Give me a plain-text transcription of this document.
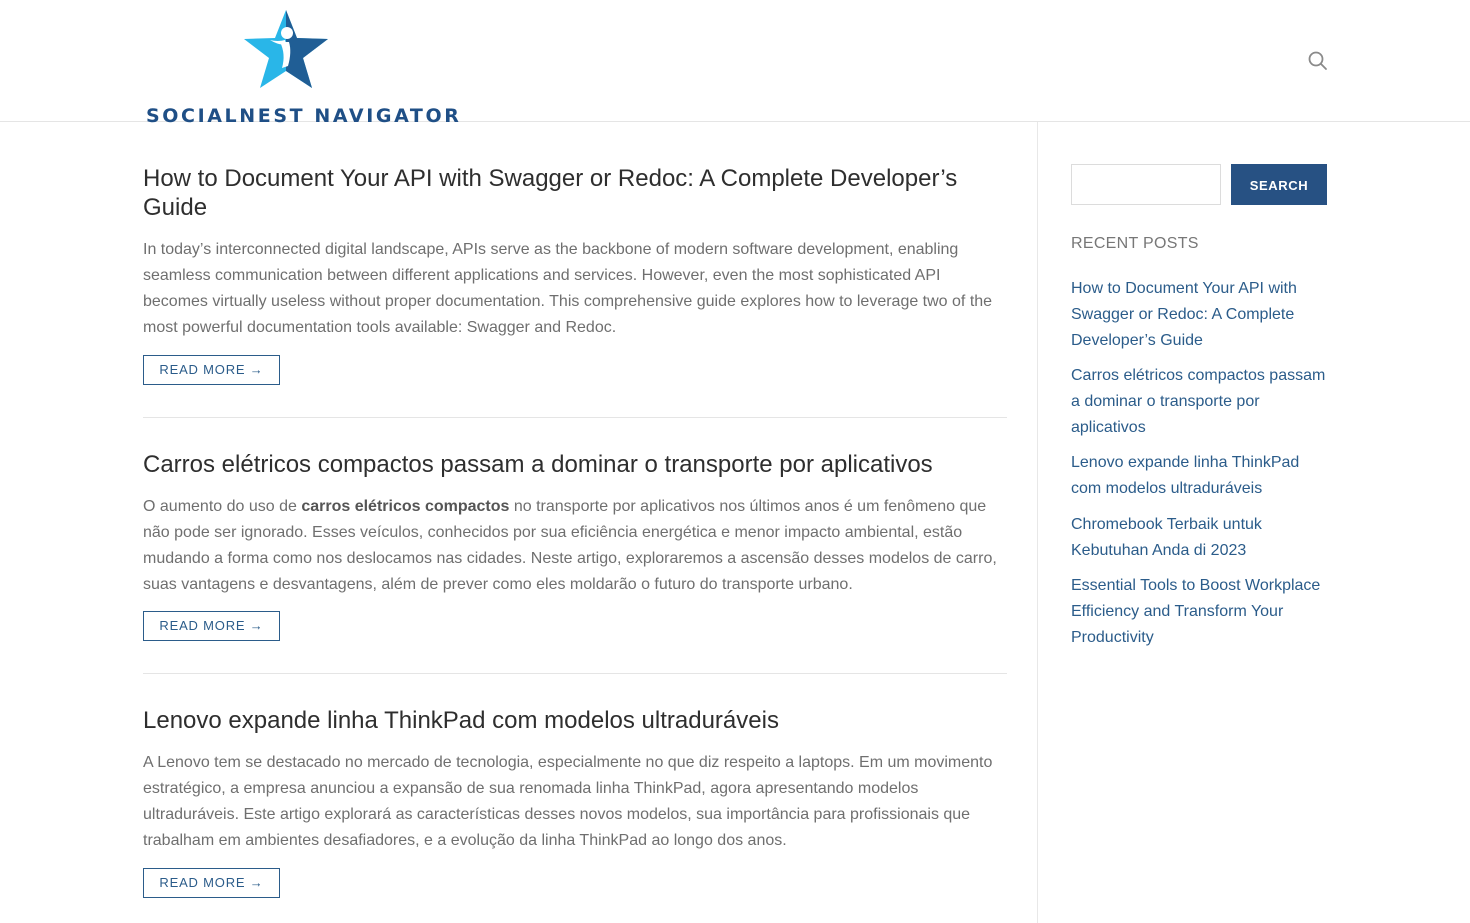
SOCIALNEST NAVIGATOR
How to Document Your API with Swagger or Redoc: A Complete Developer’s Guide

In today’s interconnected digital landscape, APIs serve as the backbone of modern software development, enabling seamless communication between different applications and services. However, even the most sophisticated API becomes virtually useless without proper documentation. This comprehensive guide explores how to leverage two of the most powerful documentation tools available: Swagger and Redoc.

READ MORE →
Carros elétricos compactos passam a dominar o transporte por aplicativos

O aumento do uso de carros elétricos compactos no transporte por aplicativos nos últimos anos é um fenômeno que não pode ser ignorado. Esses veículos, conhecidos por sua eficiência energética e menor impacto ambiental, estão mudando a forma como nos deslocamos nas cidades. Neste artigo, exploraremos a ascensão desses modelos de carro, suas vantagens e desvantagens, além de prever como eles moldarão o futuro do transporte urbano.

READ MORE →
Lenovo expande linha ThinkPad com modelos ultraduráveis

A Lenovo tem se destacado no mercado de tecnologia, especialmente no que diz respeito a laptops. Em um movimento estratégico, a empresa anunciou a expansão de sua renomada linha ThinkPad, agora apresentando modelos ultraduráveis. Este artigo explorará as características desses novos modelos, sua importância para profissionais que trabalham em ambientes desafiadores, e a evolução da linha ThinkPad ao longo dos anos.

READ MORE →
SEARCH
RECENT POSTS
How to Document Your API with Swagger or Redoc: A Complete Developer’s Guide
Carros elétricos compactos passam a dominar o transporte por aplicativos
Lenovo expande linha ThinkPad com modelos ultraduráveis
Chromebook Terbaik untuk Kebutuhan Anda di 2023
Essential Tools to Boost Workplace Efficiency and Transform Your Productivity
